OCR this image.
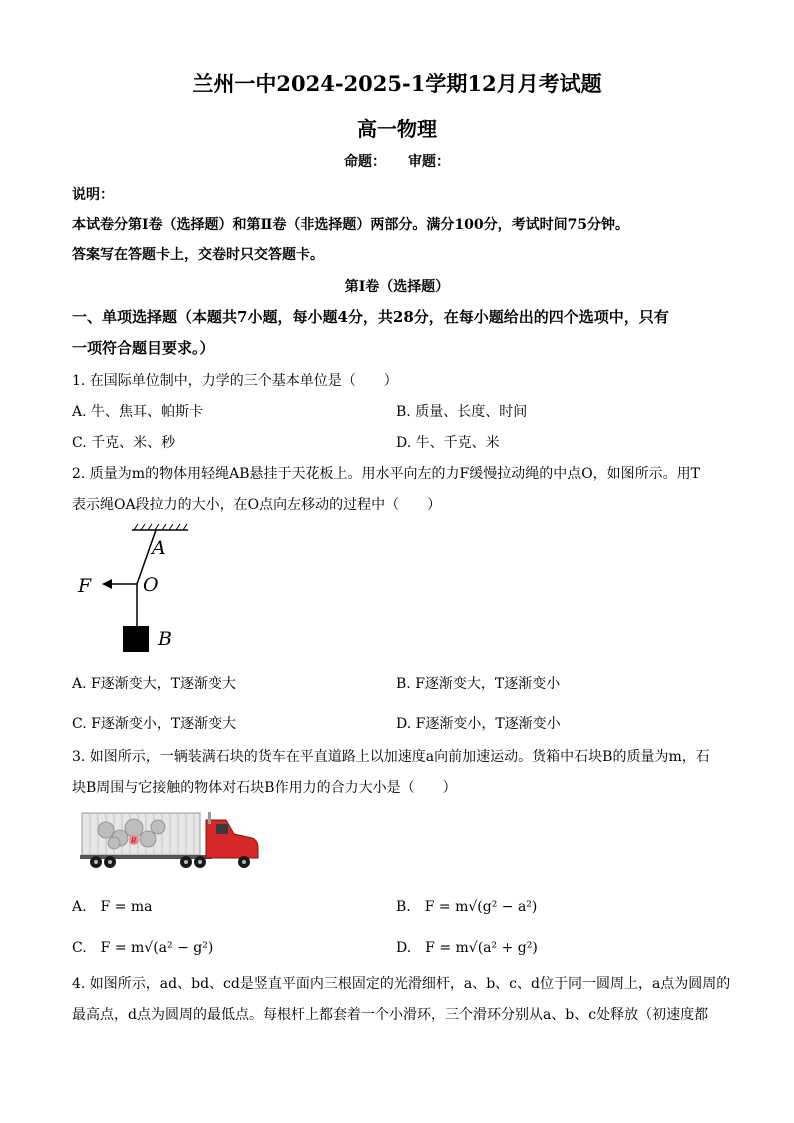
兰州一中2024-2025-1学期12月月考试题
高一物理
命题： 审题：
说明：
本试卷分第Ⅰ卷（选择题）和第Ⅱ卷（非选择题）两部分。满分100分，考试时间75分钟。
答案写在答题卡上，交卷时只交答题卡。
第Ⅰ卷（选择题）
一、单项选择题（本题共7小题，每小题4分，共28分，在每小题给出的四个选项中，只有
一项符合题目要求。）
1. 在国际单位制中，力学的三个基本单位是（　　）
A. 牛、焦耳、帕斯卡	B. 质量、长度、时间
C. 千克、米、秒	D. 牛、千克、米
2. 质量为m的物体用轻绳AB悬挂于天花板上。用水平向左的力F缓慢拉动绳的中点O，如图所示。用T
表示绳OA段拉力的大小，在O点向左移动的过程中（　　）
A
O
F
B
A. F逐渐变大，T逐渐变大	B. F逐渐变大，T逐渐变小
C. F逐渐变小，T逐渐变大	D. F逐渐变小，T逐渐变小
3. 如图所示，一辆装满石块的货车在平直道路上以加速度a向前加速运动。货箱中石块B的质量为m，石
块B周围与它接触的物体对石块B作用力的合力大小是（　　）
B
A.　F = ma	B.　F = m√(g² − a²)
C.　F = m√(a² − g²)	D.　F = m√(a² + g²)
4. 如图所示，ad、bd、cd是竖直平面内三根固定的光滑细杆，a、b、c、d位于同一圆周上，a点为圆周的
最高点，d点为圆周的最低点。每根杆上都套着一个小滑环，三个滑环分别从a、b、c处释放（初速度都
